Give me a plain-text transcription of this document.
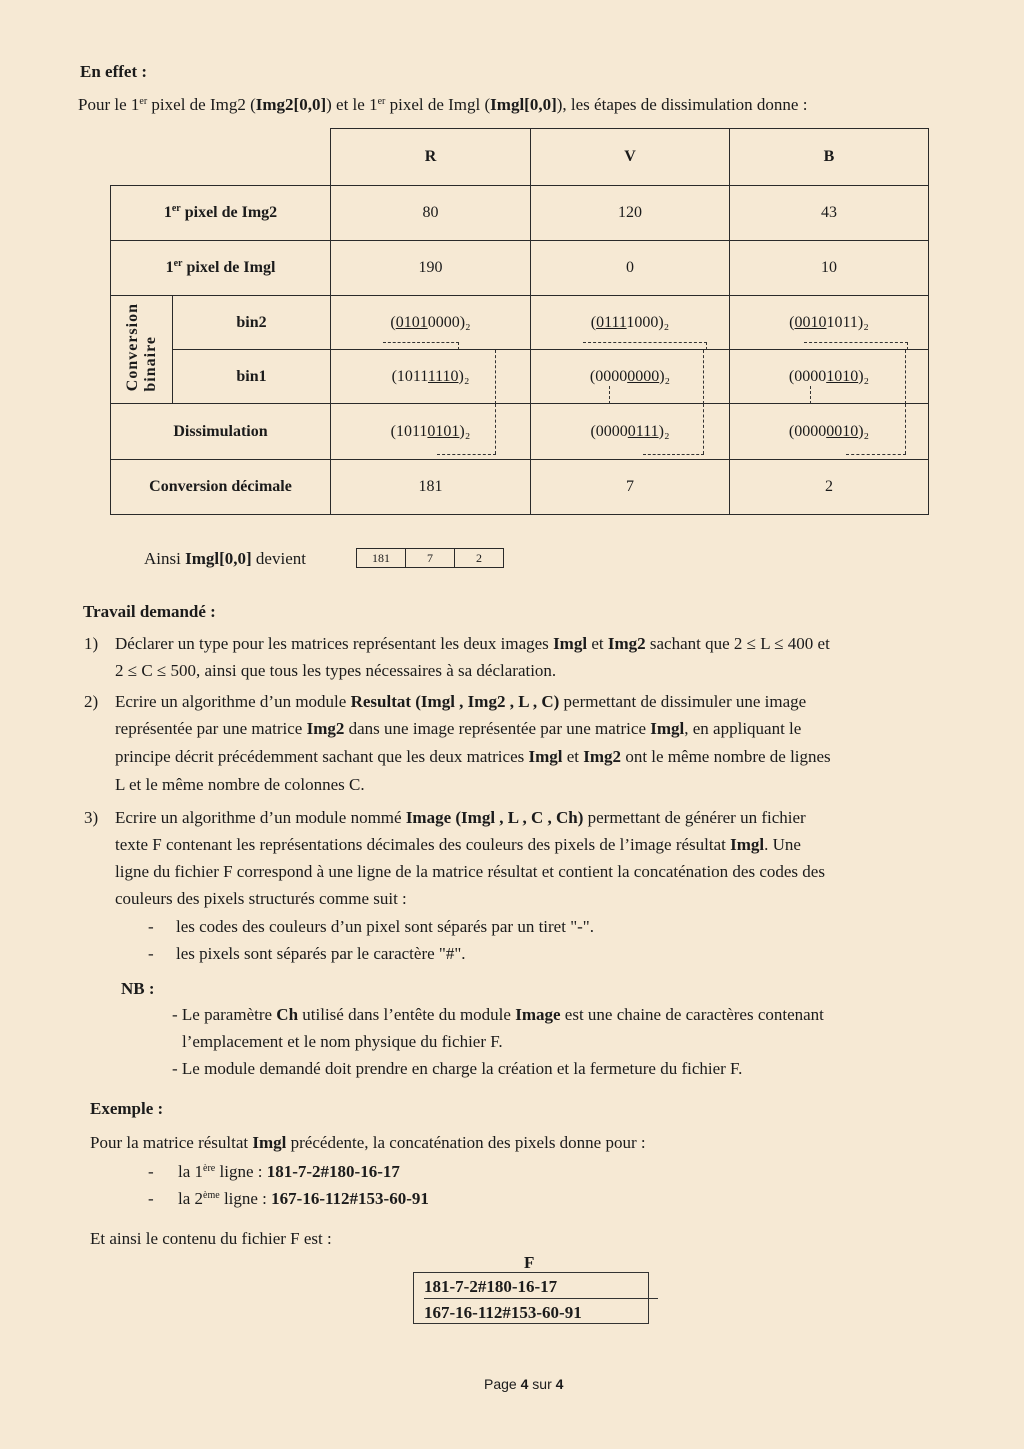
En effet :
Pour le 1er pixel de Img2 (Img2[0,0]) et le 1er pixel de Imgl (Imgl[0,0]), les étapes de dissimulation donne :
		R	V	B
1er pixel de Img2		80	120	43
1er pixel de Imgl		190	0	10
Conversionbinaire	bin2	(01010000)₂	(01111000)₂	(00101011)₂

	bin1	(10111110)₂	(00000000)₂	(00001010)₂

Dissimulation		(10110101)₂	(00000111)₂	(00000010)₂

Conversion décimale		181	7	2
Ainsi Imgl[0,0] devient	181	7	2
Travail demandé :
1) Déclarer un type pour les matrices représentant les deux images Imgl et Img2 sachant que 2 ≤ L ≤ 400 et
2 ≤ C ≤ 500, ainsi que tous les types nécessaires à sa déclaration.
2) Ecrire un algorithme d’un module Resultat (Imgl , Img2 , L , C) permettant de dissimuler une image
représentée par une matrice Img2 dans une image représentée par une matrice Imgl, en appliquant le
principe décrit précédemment sachant que les deux matrices Imgl et Img2 ont le même nombre de lignes
L et le même nombre de colonnes C.
3) Ecrire un algorithme d’un module nommé Image (Imgl , L , C , Ch) permettant de générer un fichier
texte F contenant les représentations décimales des couleurs des pixels de l’image résultat Imgl. Une
ligne du fichier F correspond à une ligne de la matrice résultat et contient la concaténation des codes des
couleurs des pixels structurés comme suit :
- les codes des couleurs d’un pixel sont séparés par un tiret "-".
- les pixels sont séparés par le caractère "#".
NB :
- Le paramètre Ch utilisé dans l’entête du module Image est une chaine de caractères contenant
l’emplacement et le nom physique du fichier F.
- Le module demandé doit prendre en charge la création et la fermeture du fichier F.
Exemple :
Pour la matrice résultat Imgl précédente, la concaténation des pixels donne pour :
- la 1ère ligne : 181-7-2#180-16-17
- la 2ème ligne : 167-16-112#153-60-91
Et ainsi le contenu du fichier F est :
F
181-7-2#180-16-17
167-16-112#153-60-91
Page 4 sur 4
